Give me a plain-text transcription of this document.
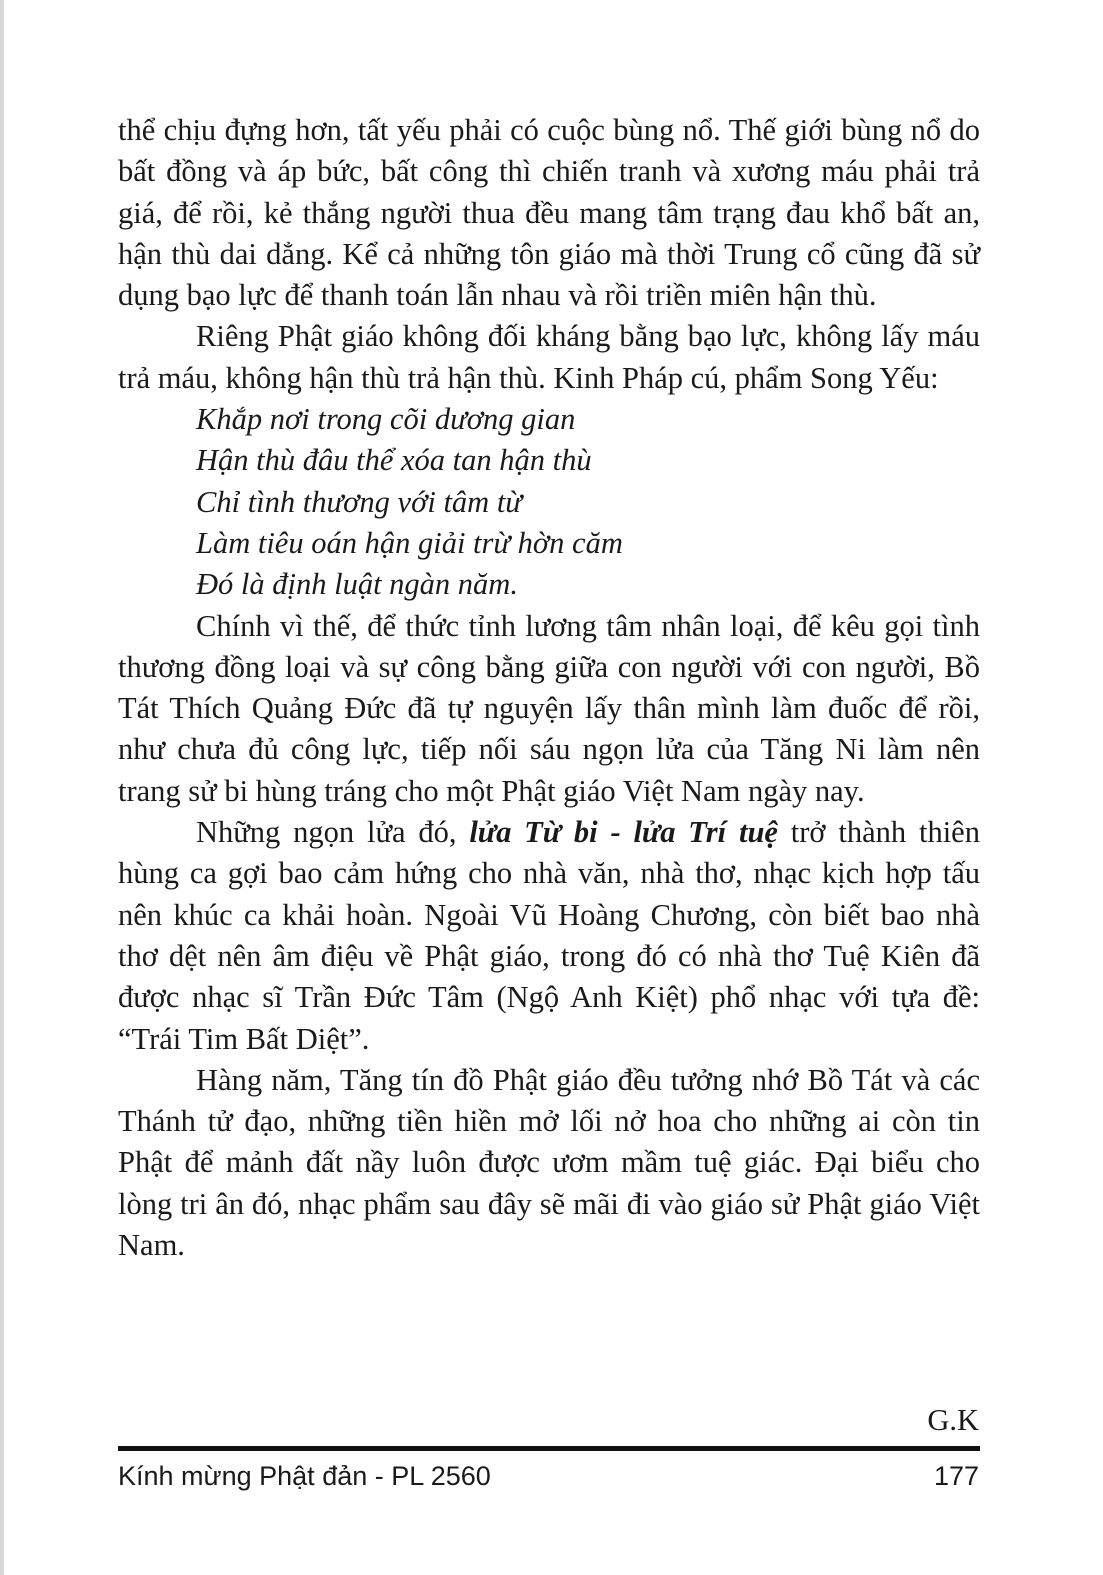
thể chịu đựng hơn, tất yếu phải có cuộc bùng nổ. Thế giới bùng nổ do bất đồng và áp bức, bất công thì chiến tranh và xương máu phải trả giá, để rồi, kẻ thắng người thua đều mang tâm trạng đau khổ bất an, hận thù dai dẳng. Kể cả những tôn giáo mà thời Trung cổ cũng đã sử dụng bạo lực để thanh toán lẫn nhau và rồi triền miên hận thù.

Riêng Phật giáo không đối kháng bằng bạo lực, không lấy máu trả máu, không hận thù trả hận thù. Kinh Pháp cú, phẩm Song Yếu:

Khắp nơi trong cõi dương gian
Hận thù đâu thể xóa tan hận thù
Chỉ tình thương với tâm từ
Làm tiêu oán hận giải trừ hờn căm
Đó là định luật ngàn năm.

Chính vì thế, để thức tỉnh lương tâm nhân loại, để kêu gọi tình thương đồng loại và sự công bằng giữa con người với con người, Bồ Tát Thích Quảng Đức đã tự nguyện lấy thân mình làm đuốc để rồi, như chưa đủ công lực, tiếp nối sáu ngọn lửa của Tăng Ni làm nên trang sử bi hùng tráng cho một Phật giáo Việt Nam ngày nay.

Những ngọn lửa đó, lửa Từ bi - lửa Trí tuệ trở thành thiên hùng ca gợi bao cảm hứng cho nhà văn, nhà thơ, nhạc kịch hợp tấu nên khúc ca khải hoàn. Ngoài Vũ Hoàng Chương, còn biết bao nhà thơ dệt nên âm điệu về Phật giáo, trong đó có nhà thơ Tuệ Kiên đã được nhạc sĩ Trần Đức Tâm (Ngộ Anh Kiệt) phổ nhạc với tựa đề: “Trái Tim Bất Diệt”.

Hàng năm, Tăng tín đồ Phật giáo đều tưởng nhớ Bồ Tát và các Thánh tử đạo, những tiền hiền mở lối nở hoa cho những ai còn tin Phật để mảnh đất nầy luôn được ươm mầm tuệ giác. Đại biểu cho lòng tri ân đó, nhạc phẩm sau đây sẽ mãi đi vào giáo sử Phật giáo Việt Nam.

G.K
Kính mừng Phật đản - PL 2560	177
